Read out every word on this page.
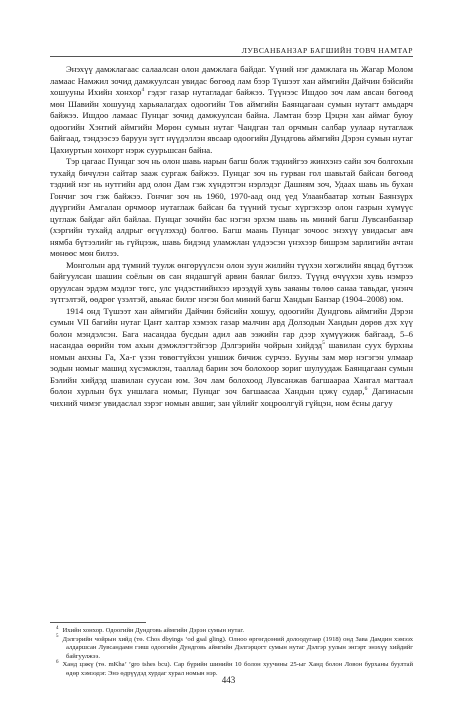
ЛУВСАНБАНЗАР БАГШИЙН ТОВЧ НАМТАР

Энэхүү дамжлагаас салаалсан олон дамжлага байдаг. Үүний нэг дамжлага нь Жагар Молом ламаас Намжил зочид дамжуулсан увидас бөгөөд лам бээр Түшээт хан аймгийн Дайчин бэйсийн хошууны Ихийн хонхор$^4$ гэдэг газар нутагладаг байжээ. Түүнээс Ишдоо зоч лам авсан бөгөөд мөн Шавийн хошуунд харьяалагдах одоогийн Төв аймгийн Баянцагаан сумын нутагт амьдарч байжээ. Ишдоо ламаас Пунцаг зочид дамжуулсан байна. Ламтан бээр Цэцэн хан аймаг буюу одоогийн Хэнтий аймгийн Мөрөн сумын нутаг Чандган тал орчмын салбар уулаар нутаглаж байгаад, тэндээсээ баруун зүгт нүүдэллэн явсаар одоогийн Дундговь аймгийн Дэрэн сумын нутаг Цахиуртын хонхорт нэрж суурьшсан байна.

Тэр цагаас Пунцаг зоч нь олон шавь нарын багш болж тэднийгээ жинхэнэ сайн зоч болгохын тухайд бичүлэн сайтар зааж сургаж байжээ. Пунцаг зоч нь гурван гол шавьтай байсан бөгөөд тэдний нэг нь нутгийн ард олон Дам гэж хүндэтгэн нэрлэдэг Дашням зоч, Удаах шавь нь бухан Гончиг зоч гэж байжээ. Гончиг зоч нь 1960, 1970-аад онд үед Улаанбаатар хотын Баянзүрх дүүргийн Амгалан орчмоор нутаглаж байсан ба түүний тусыг хүргэхээр олон газрын хүмүүс цуглаж байдаг айл байлаа. Пунцаг зочийн бас нэгэн эрхэм шавь нь миний багш Лувсанбанзар (хэргийн тухайд алдрыг өгүүлэхэд) болгөө. Багш маань Пунцаг зочоос энэхүү увидасыг авч нямба бүтээлийг нь гүйцээж, шавь бидэнд уламжлан үлдээсэн үнэхээр бишрэм зарлигийн ачтан мөнөөс мөн билээ.

Монголын ард түмний туулж өнгөрүүлсэн олон зуун жилийн түүхэн хөгжлийн явцад бүтээж байгуулсан шашин соёлын өв сан яндашгүй арвин баялаг билээ. Түүнд өчүүхэн хувь нэмрээ оруулсан эрдэм мэдлэг төгс, улс үндэстнийнхээ ирээдүй хувь заяаны төлөө санаа тавьдаг, үнэнч зүтгэлтэй, өөдрөг үзэлтэй, авьяас билэг нэгэн бол миний багш Хандын Банзар (1904–2008) юм.

1914 онд Түшээт хан аймгийн Дайчин бэйсийн хошуу, одоогийн Дундговь аймгийн Дэрэн сумын VII багийн нутаг Цант халтар хэмээх газар малчин ард Долзодын Хандын дөрөв дэх хүү болон мэндэлсэн. Бага насандаа бусдын адил аав ээжийн гар дээр хүмүүжиж байгаад, 5–6 насандаа өөрийн том ахын дэмжлэгтэйгээр Дэлгэрийн чойрын хийдэд$^5$ шавилан суух бурхны номын анхны Га, Ха-г үзэн төвөгтүйхэн уншиж бичиж сурчээ. Бууны зам мөр нэгэгэн улмаар эодын номыг машид хүсэмжлэн, тааллад барин зоч болохоор зориг шулуудаж Баянцагаан сумын Бэлийн хийдэд шавилан суусан юм. Зоч лам болохоод Лувсанжав багшаараа Хангал магтаал болон хурлын бүх уншлага номыг, Пунцаг зоч багшаасаа Хандын цэжү судар,$^6$ Дагинасын чихний чимэг увидаслал зэрэг номын авшиг, зан үйлийг хоцроолгүй гүйцэн, ном ёсны дагуу

$^4$ Ихийн хонхор. Одоогийн Дундговь аймгийн Дэрэн сумын нутаг.

$^5$ Дэлгэрийн чойрын хийд (тө. Chos dbyings ‘od gsal gling). Олноо өргөгдсөний долоодугаар (1918) онд Зава Дамдин хэмээх алдаршсан Лувсандамн гэвш одоогийн Дундговь аймгийн Дэлгэрцогт сумын нутаг Дэлгэр уулын энгэрт энэхүү хийдийг байгуулжээ.

$^6$ Ханд цэжү (тө. mKha’ ’gro tshes bcu). Сар бүрийн шинийн 10 болон хуучины 25-ыг Ханд болон Ловон бурханы буултай өдөр хэмээдэг. Энэ өдрүүдэд хурдаг хурал номын нэр.

443
